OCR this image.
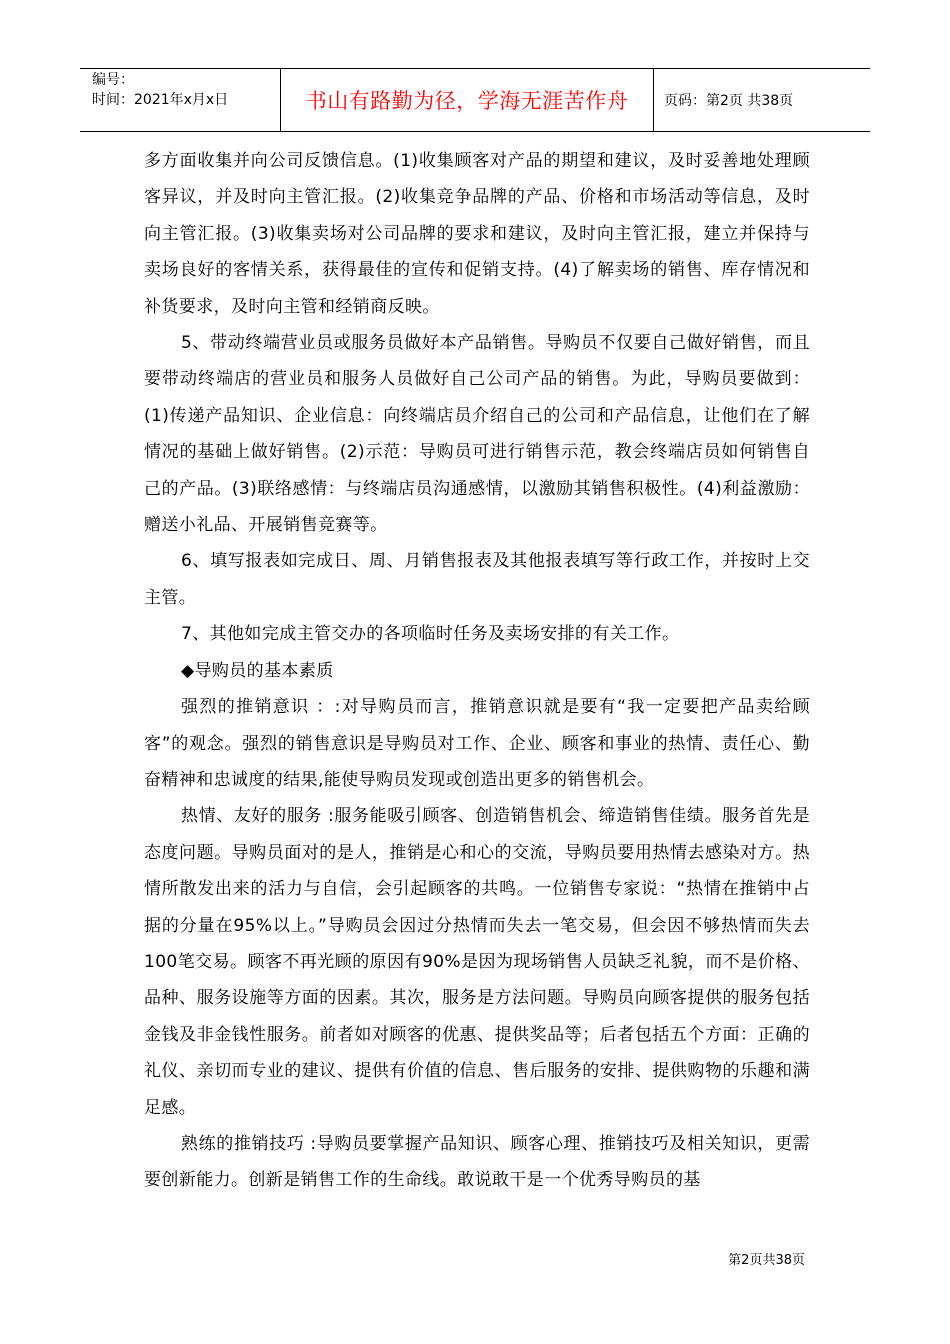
编号：
时间：2021年x月x日	书山有路勤为径，学海无涯苦作舟	页码：第2页 共38页

多方面收集并向公司反馈信息。(1)收集顾客对产品的期望和建议，及时妥善地处理顾客异议，并及时向主管汇报。(2)收集竞争品牌的产品、价格和市场活动等信息，及时向主管汇报。(3)收集卖场对公司品牌的要求和建议，及时向主管汇报，建立并保持与卖场良好的客情关系，获得最佳的宣传和促销支持。(4)了解卖场的销售、库存情况和补货要求，及时向主管和经销商反映。

5、带动终端营业员或服务员做好本产品销售。导购员不仅要自己做好销售，而且要带动终端店的营业员和服务人员做好自己公司产品的销售。为此，导购员要做到：(1)传递产品知识、企业信息：向终端店员介绍自己的公司和产品信息，让他们在了解情况的基础上做好销售。(2)示范：导购员可进行销售示范，教会终端店员如何销售自己的产品。(3)联络感情：与终端店员沟通感情，以激励其销售积极性。(4)利益激励：赠送小礼品、开展销售竞赛等。

6、填写报表如完成日、周、月销售报表及其他报表填写等行政工作，并按时上交主管。

7、其他如完成主管交办的各项临时任务及卖场安排的有关工作。

◆导购员的基本素质

强烈的推销意识 ：:对导购员而言，推销意识就是要有“我一定要把产品卖给顾客”的观念。强烈的销售意识是导购员对工作、企业、顾客和事业的热情、责任心、勤奋精神和忠诚度的结果,能使导购员发现或创造出更多的销售机会。

热情、友好的服务 :服务能吸引顾客、创造销售机会、缔造销售佳绩。服务首先是态度问题。导购员面对的是人，推销是心和心的交流，导购员要用热情去感染对方。热情所散发出来的活力与自信，会引起顾客的共鸣。一位销售专家说：“热情在推销中占据的分量在95%以上。”导购员会因过分热情而失去一笔交易，但会因不够热情而失去100笔交易。顾客不再光顾的原因有90%是因为现场销售人员缺乏礼貌，而不是价格、品种、服务设施等方面的因素。其次，服务是方法问题。导购员向顾客提供的服务包括金钱及非金钱性服务。前者如对顾客的优惠、提供奖品等；后者包括五个方面：正确的礼仪、亲切而专业的建议、提供有价值的信息、售后服务的安排、提供购物的乐趣和满足感。

熟练的推销技巧 :导购员要掌握产品知识、顾客心理、推销技巧及相关知识，更需要创新能力。创新是销售工作的生命线。敢说敢干是一个优秀导购员的基

第2页共38页
